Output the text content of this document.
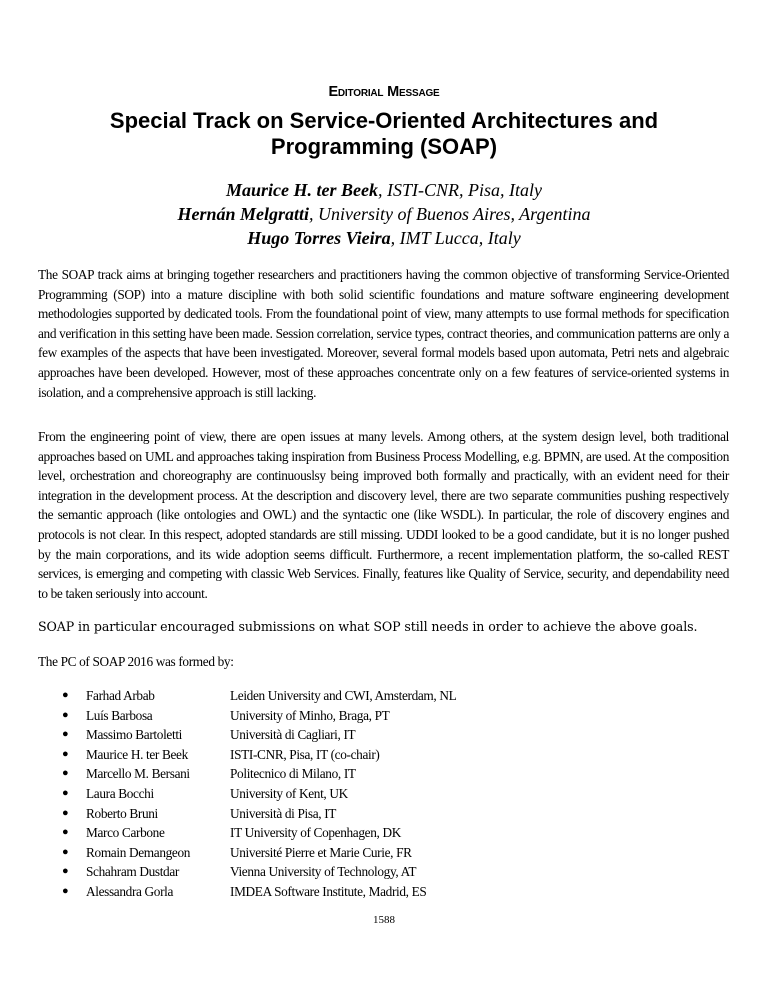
Editorial Message
Special Track on Service-Oriented Architectures and Programming (SOAP)
Maurice H. ter Beek, ISTI-CNR, Pisa, Italy
Hernán Melgratti, University of Buenos Aires, Argentina
Hugo Torres Vieira, IMT Lucca, Italy

The SOAP track aims at bringing together researchers and practitioners having the common objective of transforming Service-Oriented Programming (SOP) into a mature discipline with both solid scientific foundations and mature software engineering development methodologies supported by dedicated tools. From the foundational point of view, many attempts to use formal methods for specification and verification in this setting have been made. Session correlation, service types, contract theories, and communication patterns are only a few examples of the aspects that have been investigated. Moreover, several formal models based upon automata, Petri nets and algebraic approaches have been developed. However, most of these approaches concentrate only on a few features of service-oriented systems in isolation, and a comprehensive approach is still lacking.

From the engineering point of view, there are open issues at many levels. Among others, at the system design level, both traditional approaches based on UML and approaches taking inspiration from Business Process Modelling, e.g. BPMN, are used. At the composition level, orchestration and choreography are continuouslsy being improved both formally and practically, with an evident need for their integration in the development process. At the description and discovery level, there are two separate communities pushing respectively the semantic approach (like ontologies and OWL) and the syntactic one (like WSDL). In particular, the role of discovery engines and protocols is not clear. In this respect, adopted standards are still missing. UDDI looked to be a good candidate, but it is no longer pushed by the main corporations, and its wide adoption seems difficult. Furthermore, a recent implementation platform, the so-called REST services, is emerging and competing with classic Web Services. Finally, features like Quality of Service, security, and dependability need to be taken seriously into account.

SOAP in particular encouraged submissions on what SOP still needs in order to achieve the above goals.
The PC of SOAP 2016 was formed by:
● Farhad Arbab	Leiden University and CWI, Amsterdam, NL
● Luís Barbosa	University of Minho, Braga, PT
● Massimo Bartoletti	Università di Cagliari, IT
● Maurice H. ter Beek	ISTI-CNR, Pisa, IT (co-chair)
● Marcello M. Bersani	Politecnico di Milano, IT
● Laura Bocchi	University of Kent, UK
● Roberto Bruni	Università di Pisa, IT
● Marco Carbone	IT University of Copenhagen, DK
● Romain Demangeon	Université Pierre et Marie Curie, FR
● Schahram Dustdar	Vienna University of Technology, AT
● Alessandra Gorla	IMDEA Software Institute, Madrid, ES
1588
